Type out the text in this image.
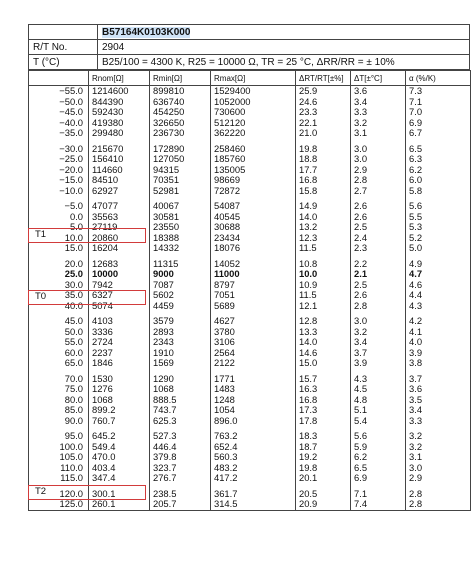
	B57164K0103K000
R/T No.	2904
T (°C)	B25/100 = 4300 K, R25 = 10000 Ω, TR = 25 °C, ΔRR/RR = ± 10%
	Rnom[Ω]	Rmin[Ω]	Rmax[Ω]	ΔRT/RT[±%]	ΔT[±°C]	α (%/K)
−55.0	1214600	899810	1529400	25.9	3.6	7.3
−50.0	844390	636740	1052000	24.6	3.4	7.1
−45.0	592430	454250	730600	23.3	3.3	7.0
−40.0	419380	326650	512120	22.1	3.2	6.9
−35.0	299480	236730	362220	21.0	3.1	6.7

−30.0	215670	172890	258460	19.8	3.0	6.5
−25.0	156410	127050	185760	18.8	3.0	6.3
−20.0	114660	94315	135005	17.7	2.9	6.2
−15.0	84510	70351	98669	16.8	2.8	6.0
−10.0	62927	52981	72872	15.8	2.7	5.8

−5.0	47077	40067	54087	14.9	2.6	5.6
0.0	35563	30581	40545	14.0	2.6	5.5
5.0	27119	23550	30688	13.2	2.5	5.3
10.0	20860	18388	23434	12.3	2.4	5.2
15.0	16204	14332	18076	11.5	2.3	5.0

20.0	12683	11315	14052	10.8	2.2	4.9
25.0	10000	9000	11000	10.0	2.1	4.7
30.0	7942	7087	8797	10.9	2.5	4.6
35.0	6327	5602	7051	11.5	2.6	4.4
40.0	5074	4459	5689	12.1	2.8	4.3

45.0	4103	3579	4627	12.8	3.0	4.2
50.0	3336	2893	3780	13.3	3.2	4.1
55.0	2724	2343	3106	14.0	3.4	4.0
60.0	2237	1910	2564	14.6	3.7	3.9
65.0	1846	1569	2122	15.0	3.9	3.8

70.0	1530	1290	1771	15.7	4.3	3.7
75.0	1276	1068	1483	16.3	4.5	3.6
80.0	1068	888.5	1248	16.8	4.8	3.5
85.0	899.2	743.7	1054	17.3	5.1	3.4
90.0	760.7	625.3	896.0	17.8	5.4	3.3

95.0	645.2	527.3	763.2	18.3	5.6	3.2
100.0	549.4	446.4	652.4	18.7	5.9	3.2
105.0	470.0	379.8	560.3	19.2	6.2	3.1
110.0	403.4	323.7	483.2	19.8	6.5	3.0
115.0	347.4	276.7	417.2	20.1	6.9	2.9

120.0	300.1	238.5	361.7	20.5	7.1	2.8
125.0	260.1	205.7	314.5	20.9	7.4	2.8
T1
T0
T2
